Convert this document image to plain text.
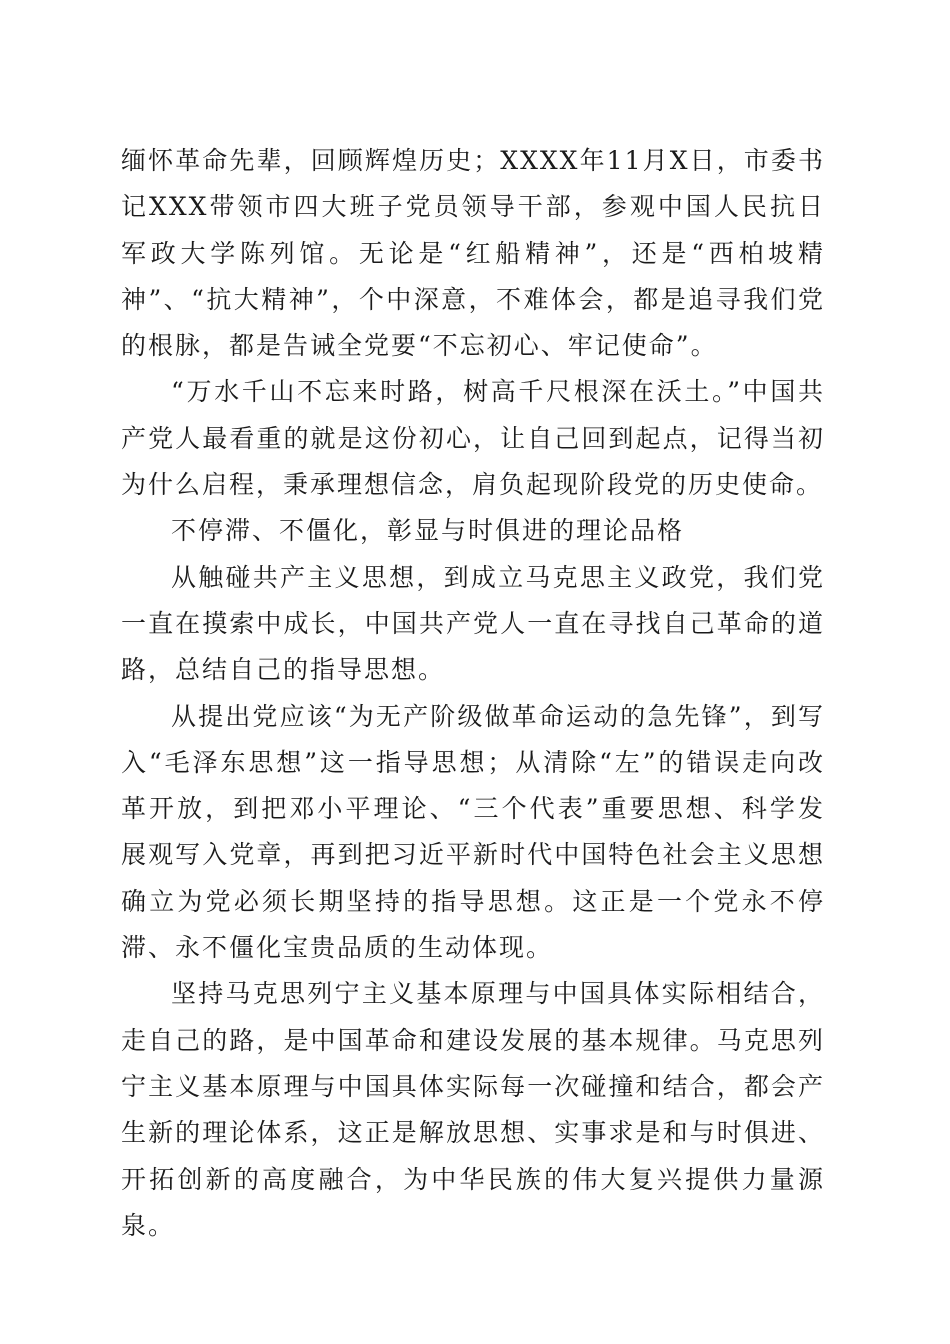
缅怀革命先辈，回顾辉煌历史；XXXX年11月X日，市委书记XXX带领市四大班子党员领导干部，参观中国人民抗日军政大学陈列馆。无论是“红船精神”，还是“西柏坡精神”、“抗大精神”，个中深意，不难体会，都是追寻我们党的根脉，都是告诫全党要“不忘初心、牢记使命”。

“万水千山不忘来时路，树高千尺根深在沃土。”中国共产党人最看重的就是这份初心，让自己回到起点，记得当初为什么启程，秉承理想信念，肩负起现阶段党的历史使命。

不停滞、不僵化，彰显与时俱进的理论品格

从触碰共产主义思想，到成立马克思主义政党，我们党一直在摸索中成长，中国共产党人一直在寻找自己革命的道路，总结自己的指导思想。

从提出党应该“为无产阶级做革命运动的急先锋”，到写入“毛泽东思想”这一指导思想；从清除“左”的错误走向改革开放，到把邓小平理论、“三个代表”重要思想、科学发展观写入党章，再到把习近平新时代中国特色社会主义思想确立为党必须长期坚持的指导思想。这正是一个党永不停滞、永不僵化宝贵品质的生动体现。

坚持马克思列宁主义基本原理与中国具体实际相结合，走自己的路，是中国革命和建设发展的基本规律。马克思列宁主义基本原理与中国具体实际每一次碰撞和结合，都会产生新的理论体系，这正是解放思想、实事求是和与时俱进、开拓创新的高度融合，为中华民族的伟大复兴提供力量源泉。
